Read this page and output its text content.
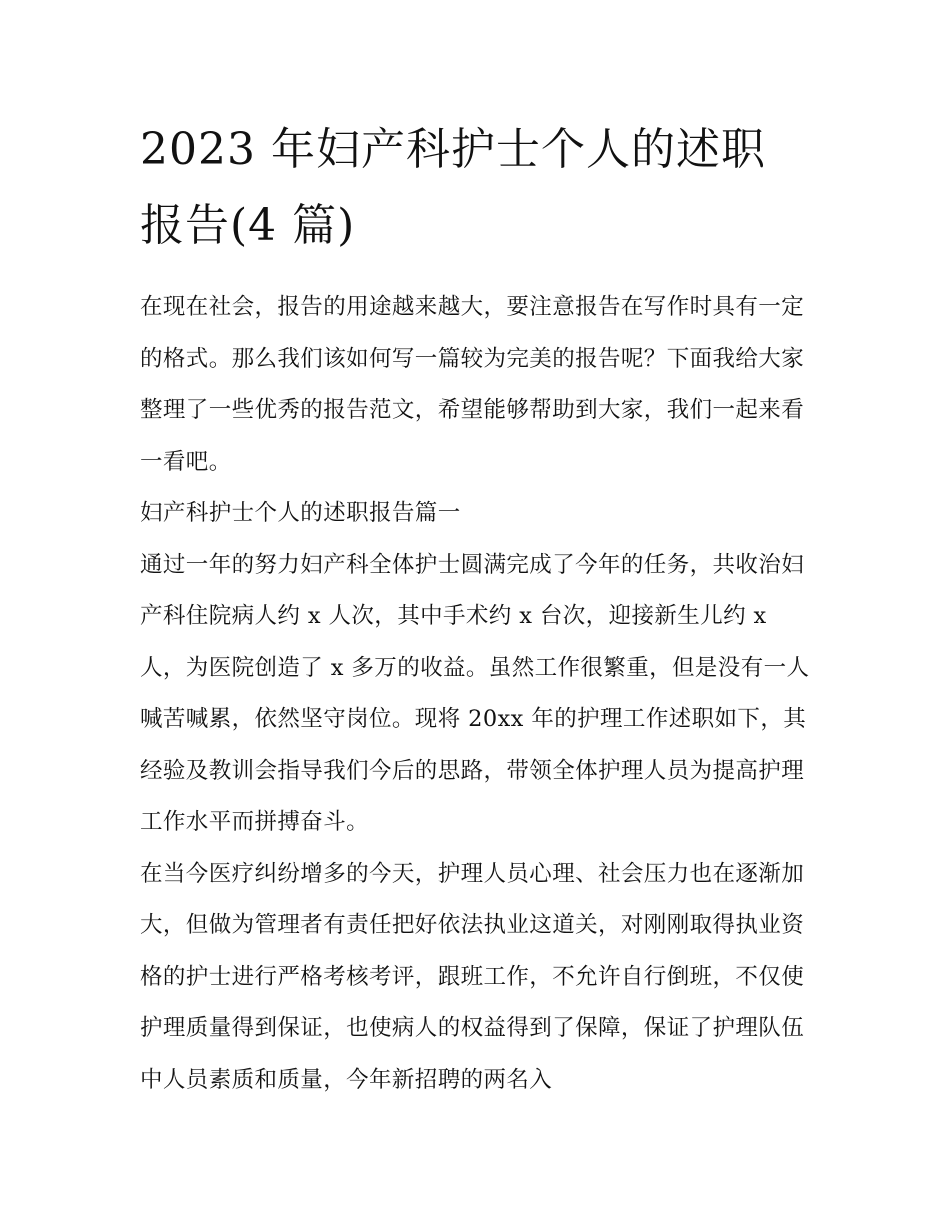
2023 年妇产科护士个人的述职
报告(4 篇)

在现在社会，报告的用途越来越大，要注意报告在写作时具有一定的格式。那么我们该如何写一篇较为完美的报告呢？下面我给大家整理了一些优秀的报告范文，希望能够帮助到大家，我们一起来看一看吧。

妇产科护士个人的述职报告篇一

通过一年的努力妇产科全体护士圆满完成了今年的任务，共收治妇产科住院病人约 x 人次，其中手术约 x 台次，迎接新生儿约 x 人，为医院创造了 x 多万的收益。虽然工作很繁重，但是没有一人喊苦喊累，依然坚守岗位。现将 20xx 年的护理工作述职如下，其经验及教训会指导我们今后的思路，带领全体护理人员为提高护理工作水平而拼搏奋斗。

在当今医疗纠纷增多的今天，护理人员心理、社会压力也在逐渐加大，但做为管理者有责任把好依法执业这道关，对刚刚取得执业资格的护士进行严格考核考评，跟班工作，不允许自行倒班，不仅使护理质量得到保证，也使病人的权益得到了保障，保证了护理队伍中人员素质和质量，今年新招聘的两名入
